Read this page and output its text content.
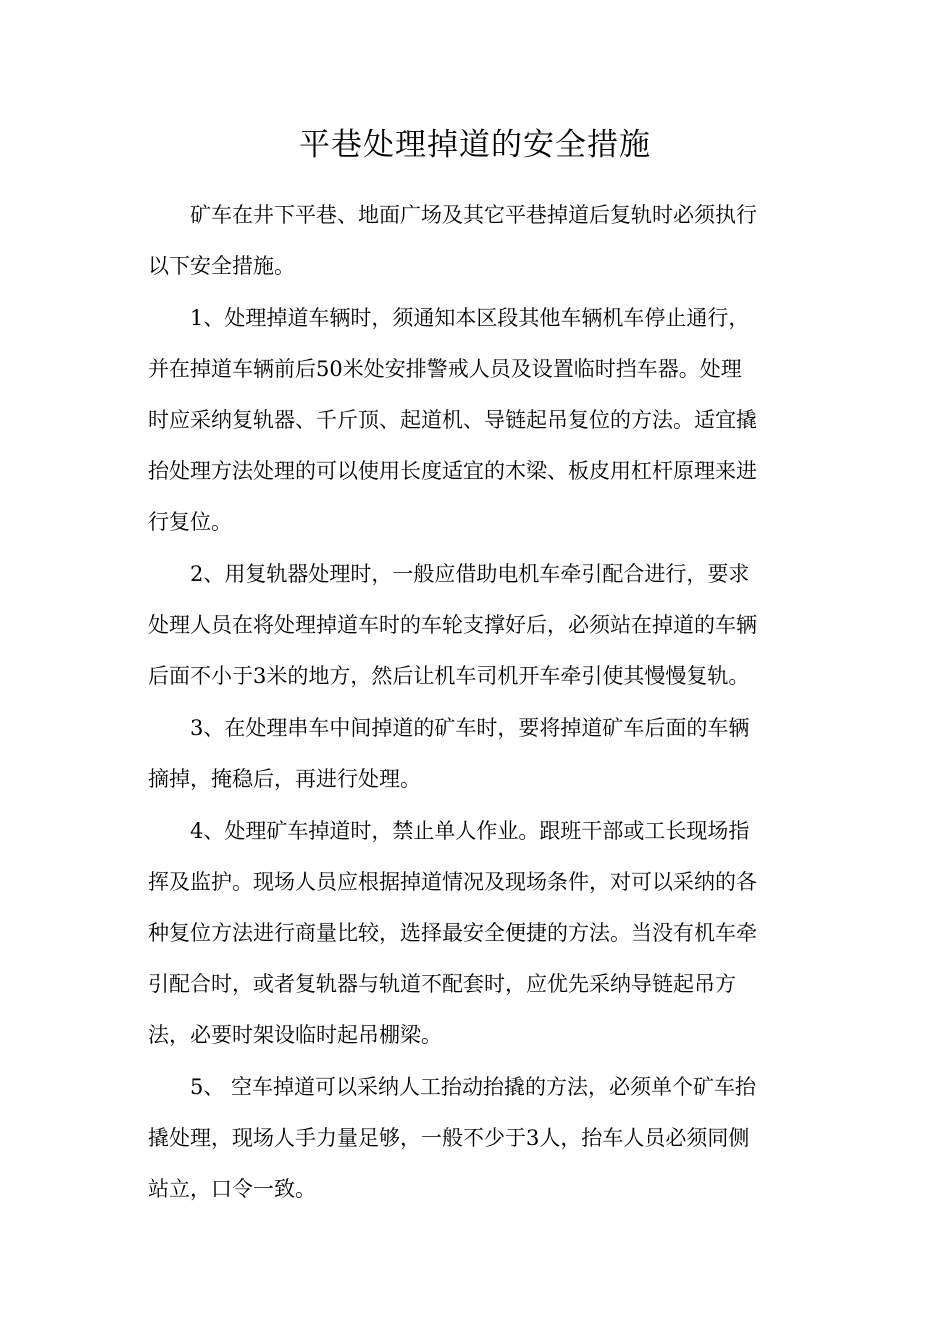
平巷处理掉道的安全措施
矿车在井下平巷、地面广场及其它平巷掉道后复轨时必须执行
以下安全措施。
1、处理掉道车辆时，须通知本区段其他车辆机车停止通行，
并在掉道车辆前后50米处安排警戒人员及设置临时挡车器。处理
时应采纳复轨器、千斤顶、起道机、导链起吊复位的方法。适宜撬
抬处理方法处理的可以使用长度适宜的木梁、板皮用杠杆原理来进
行复位。
2、用复轨器处理时，一般应借助电机车牵引配合进行，要求
处理人员在将处理掉道车时的车轮支撑好后，必须站在掉道的车辆
后面不小于3米的地方，然后让机车司机开车牵引使其慢慢复轨。
3、在处理串车中间掉道的矿车时，要将掉道矿车后面的车辆
摘掉，掩稳后，再进行处理。
4、处理矿车掉道时，禁止单人作业。跟班干部或工长现场指
挥及监护。现场人员应根据掉道情况及现场条件，对可以采纳的各
种复位方法进行商量比较，选择最安全便捷的方法。当没有机车牵
引配合时，或者复轨器与轨道不配套时，应优先采纳导链起吊方
法，必要时架设临时起吊棚梁。
5、 空车掉道可以采纳人工抬动抬撬的方法，必须单个矿车抬
撬处理，现场人手力量足够，一般不少于3人，抬车人员必须同侧
站立，口令一致。
